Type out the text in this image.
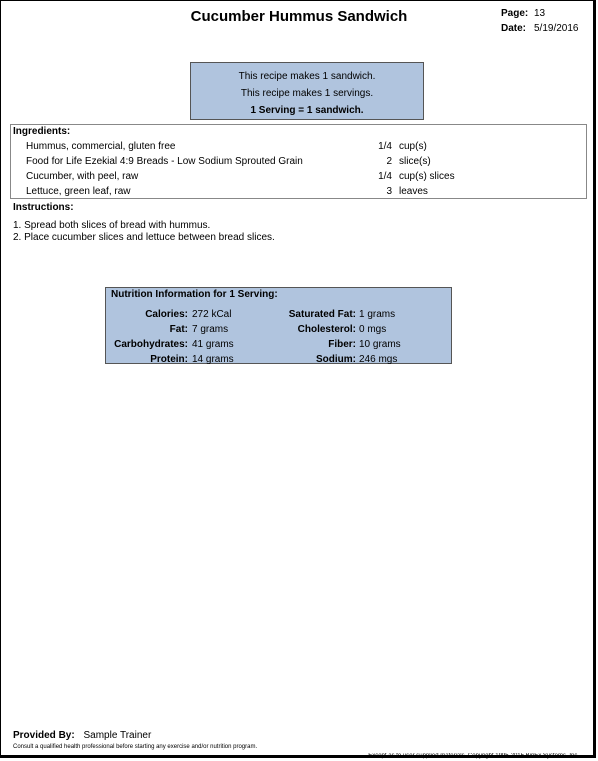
Cucumber Hummus Sandwich	Page: 13
Date: 5/19/2016
This recipe makes 1 sandwich.
This recipe makes 1 servings.
1 Serving = 1 sandwich.
Ingredients:
Hummus, commercial, gluten free	1/4 cup(s)
Food for Life Ezekial 4:9 Breads - Low Sodium Sprouted Grain	2 slice(s)
Cucumber, with peel, raw	1/4 cup(s) slices
Lettuce, green leaf, raw	3 leaves
Instructions:
1. Spread both slices of bread with hummus.
2. Place cucumber slices and lettuce between bread slices.
Nutrition Information for 1 Serving:
Calories: 272 kCal	Saturated Fat: 1 grams
Fat: 7 grams	Cholesterol: 0 mgs
Carbohydrates: 41 grams	Fiber: 10 grams
Protein: 14 grams	Sodium: 246 mgs
Provided By: Sample Trainer
Consult a qualified health professional before starting any exercise and/or nutrition program.
Except as to user supplied materials, Copyright 1995-2015 BinEx Systems, Inc.
